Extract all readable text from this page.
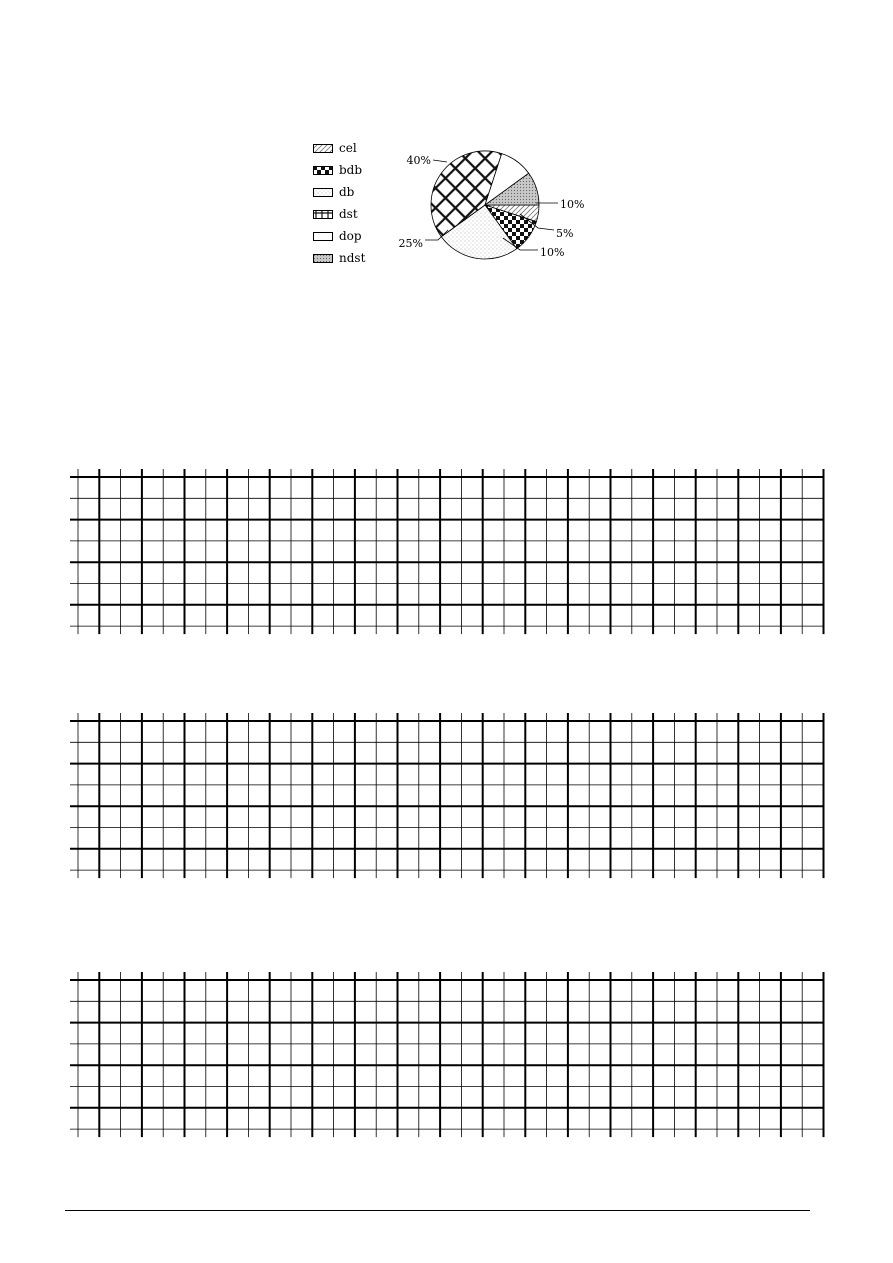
5%
10%
25%
40%
10%
cel
bdb
db
dst
dop
ndst
